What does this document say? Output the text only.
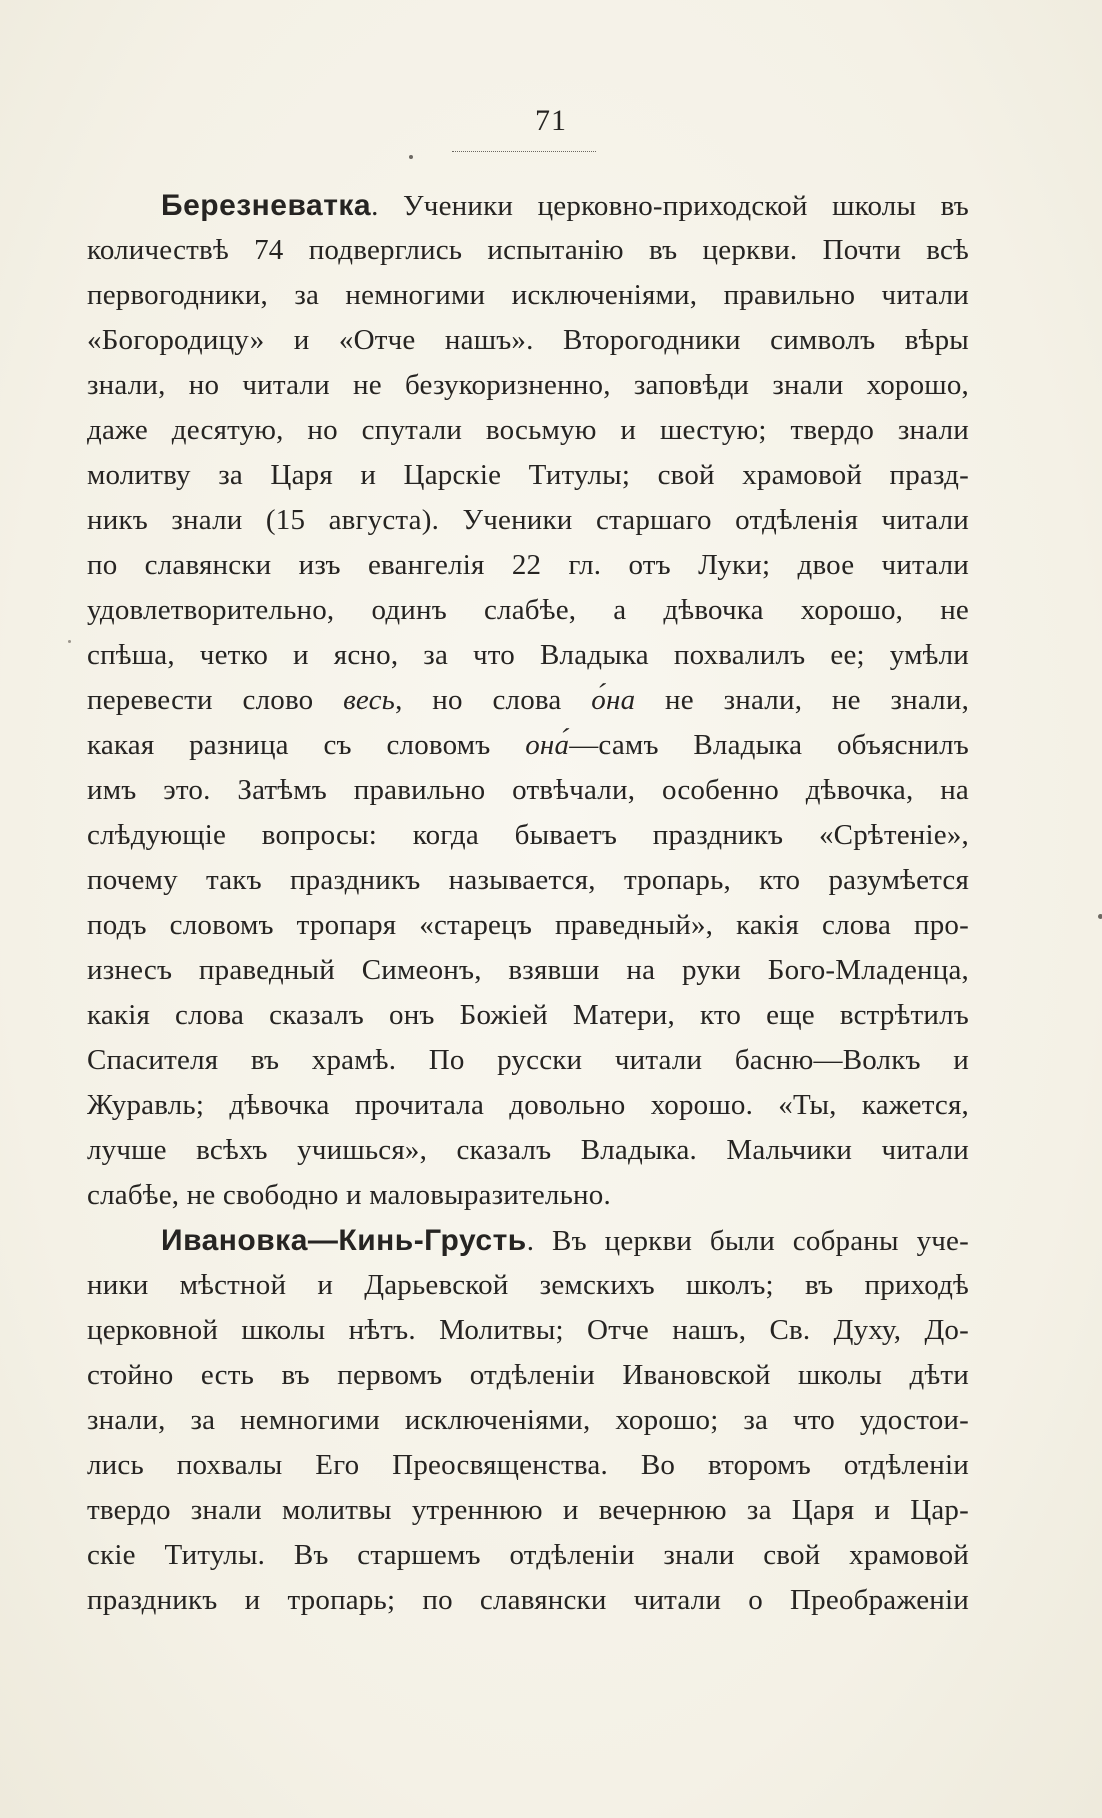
71
Березневатка. Ученики церковно-приходской школы въ
количествѣ 74 подверглись испытанію въ церкви. Почти всѣ
первогодники, за немногими исключеніями, правильно читали
«Богородицу» и «Отче нашъ». Второгодники символъ вѣры
знали, но читали не безукоризненно, заповѣди знали хорошо,
даже десятую, но спутали восьмую и шестую; твердо знали
молитву за Царя и Царскіе Титулы; свой храмовой празд-
никъ знали (15 августа). Ученики старшаго отдѣленія читали
по славянски изъ евангелія 22 гл. отъ Луки; двое читали
удовлетворительно, одинъ слабѣе, а дѣвочка хорошо, не
спѣша, четко и ясно, за что Владыка похвалилъ ее; умѣли
перевести слово весь, но слова о́на не знали, не знали,
какая разница съ словомъ она́—самъ Владыка объяснилъ
имъ это. Затѣмъ правильно отвѣчали, особенно дѣвочка, на
слѣдующіе вопросы: когда бываетъ праздникъ «Срѣтеніе»,
почему такъ праздникъ называется, тропарь, кто разумѣется
подъ словомъ тропаря «старецъ праведный», какія слова про-
изнесъ праведный Симеонъ, взявши на руки Бого-Младенца,
какія слова сказалъ онъ Божіей Матери, кто еще встрѣтилъ
Спасителя въ храмѣ. По русски читали басню—Волкъ и
Журавль; дѣвочка прочитала довольно хорошо. «Ты, кажется,
лучше всѣхъ учишься», сказалъ Владыка. Мальчики читали
слабѣе, не свободно и маловыразительно.
Ивановка—Кинь-Грусть. Въ церкви были собраны уче-
ники мѣстной и Дарьевской земскихъ школъ; въ приходѣ
церковной школы нѣтъ. Молитвы; Отче нашъ, Св. Духу, До-
стойно есть въ первомъ отдѣленіи Ивановской школы дѣти
знали, за немногими исключеніями, хорошо; за что удостои-
лись похвалы Его Преосвященства. Во второмъ отдѣленіи
твердо знали молитвы утреннюю и вечернюю за Царя и Цар-
скіе Титулы. Въ старшемъ отдѣленіи знали свой храмовой
праздникъ и тропарь; по славянски читали о Преображеніи
